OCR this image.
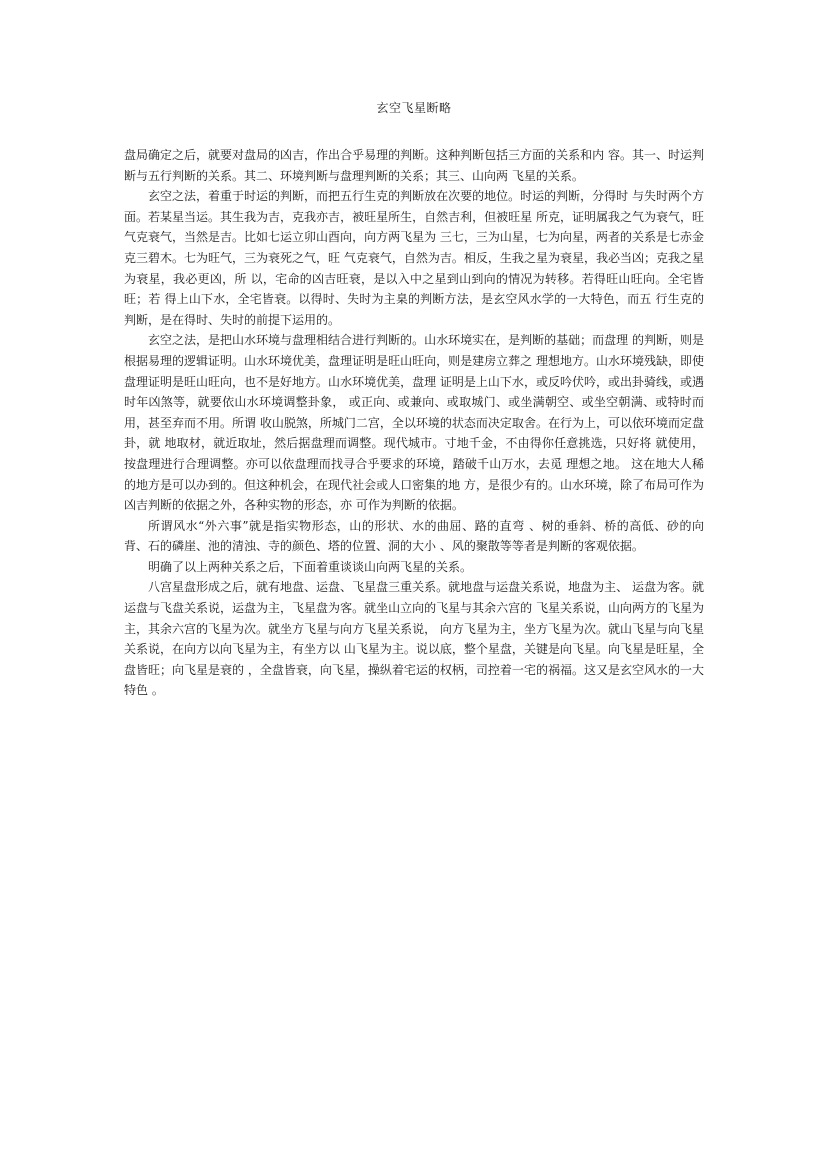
玄空飞星断略

盘局确定之后，就要对盘局的凶吉，作出合乎易理的判断。这种判断包括三方面的关系和内 容。其一、时运判断与五行判断的关系。其二、环境判断与盘理判断的关系；其三、山向两 飞星的关系。

玄空之法，着重于时运的判断，而把五行生克的判断放在次要的地位。时运的判断，分得时 与失时两个方面。若某星当运。其生我为吉，克我亦吉，被旺星所生，自然吉利，但被旺星 所克，证明属我之气为衰气，旺气克衰气，当然是吉。比如七运立卯山酉向，向方两飞星为 三七，三为山星，七为向星，两者的关系是七赤金克三碧木。七为旺气，三为衰死之气，旺 气克衰气，自然为吉。相反，生我之星为衰星，我必当凶；克我之星为衰星，我必更凶，所 以，宅命的凶吉旺衰，是以入中之星到山到向的情况为转移。若得旺山旺向。全宅皆旺；若 得上山下水，全宅皆衰。以得时、失时为主臬的判断方法，是玄空风水学的一大特色，而五 行生克的判断，是在得时、失时的前提下运用的。

玄空之法，是把山水环境与盘理相结合进行判断的。山水环境实在，是判断的基础；而盘理 的判断，则是根据易理的逻辑证明。山水环境优美，盘理证明是旺山旺向，则是建房立葬之 理想地方。山水环境残缺，即使盘理证明是旺山旺向，也不是好地方。山水环境优美，盘理 证明是上山下水，或反吟伏吟，或出卦骑线，或遇时年凶煞等，就要依山水环境调整卦象， 或正向、或兼向、或取城门、或坐满朝空、或坐空朝满、或特时而用，甚至弃而不用。所谓 收山脱煞，所城门二宫，全以环境的状态而决定取舍。在行为上，可以依环境而定盘卦，就 地取材，就近取址，然后据盘理而调整。现代城市。寸地千金，不由得你任意挑选，只好将 就使用，按盘理进行合理调整。亦可以依盘理而找寻合乎要求的环境，踏破千山万水，去觅 理想之地。 这在地大人稀的地方是可以办到的。但这种机会，在现代社会或人口密集的地 方，是很少有的。山水环境，除了布局可作为凶吉判断的依据之外，各种实物的形态，亦 可作为判断的依据。

所谓风水“外六事”就是指实物形态，山的形状、水的曲屈、路的直弯 、树的垂斜、桥的高低、砂的向背、石的磷崖、池的清浊、寺的颜色、塔的位置、洞的大小 、风的聚散等等者是判断的客观依据。

明确了以上两种关系之后，下面着重谈谈山向两飞星的关系。

八宫星盘形成之后，就有地盘、运盘、飞星盘三重关系。就地盘与运盘关系说，地盘为主、 运盘为客。就运盘与飞盘关系说，运盘为主，飞星盘为客。就坐山立向的飞星与其余六宫的 飞星关系说，山向两方的飞星为主，其余六宫的飞星为次。就坐方飞星与向方飞星关系说， 向方飞星为主，坐方飞星为次。就山飞星与向飞星关系说，在向方以向飞星为主，有坐方以 山飞星为主。说以底，整个星盘，关键是向飞星。向飞星是旺星，全盘皆旺；向飞星是衰的 ，全盘皆衰，向飞星，操纵着宅运的权柄，司控着一宅的祸福。这又是玄空风水的一大特色 。
